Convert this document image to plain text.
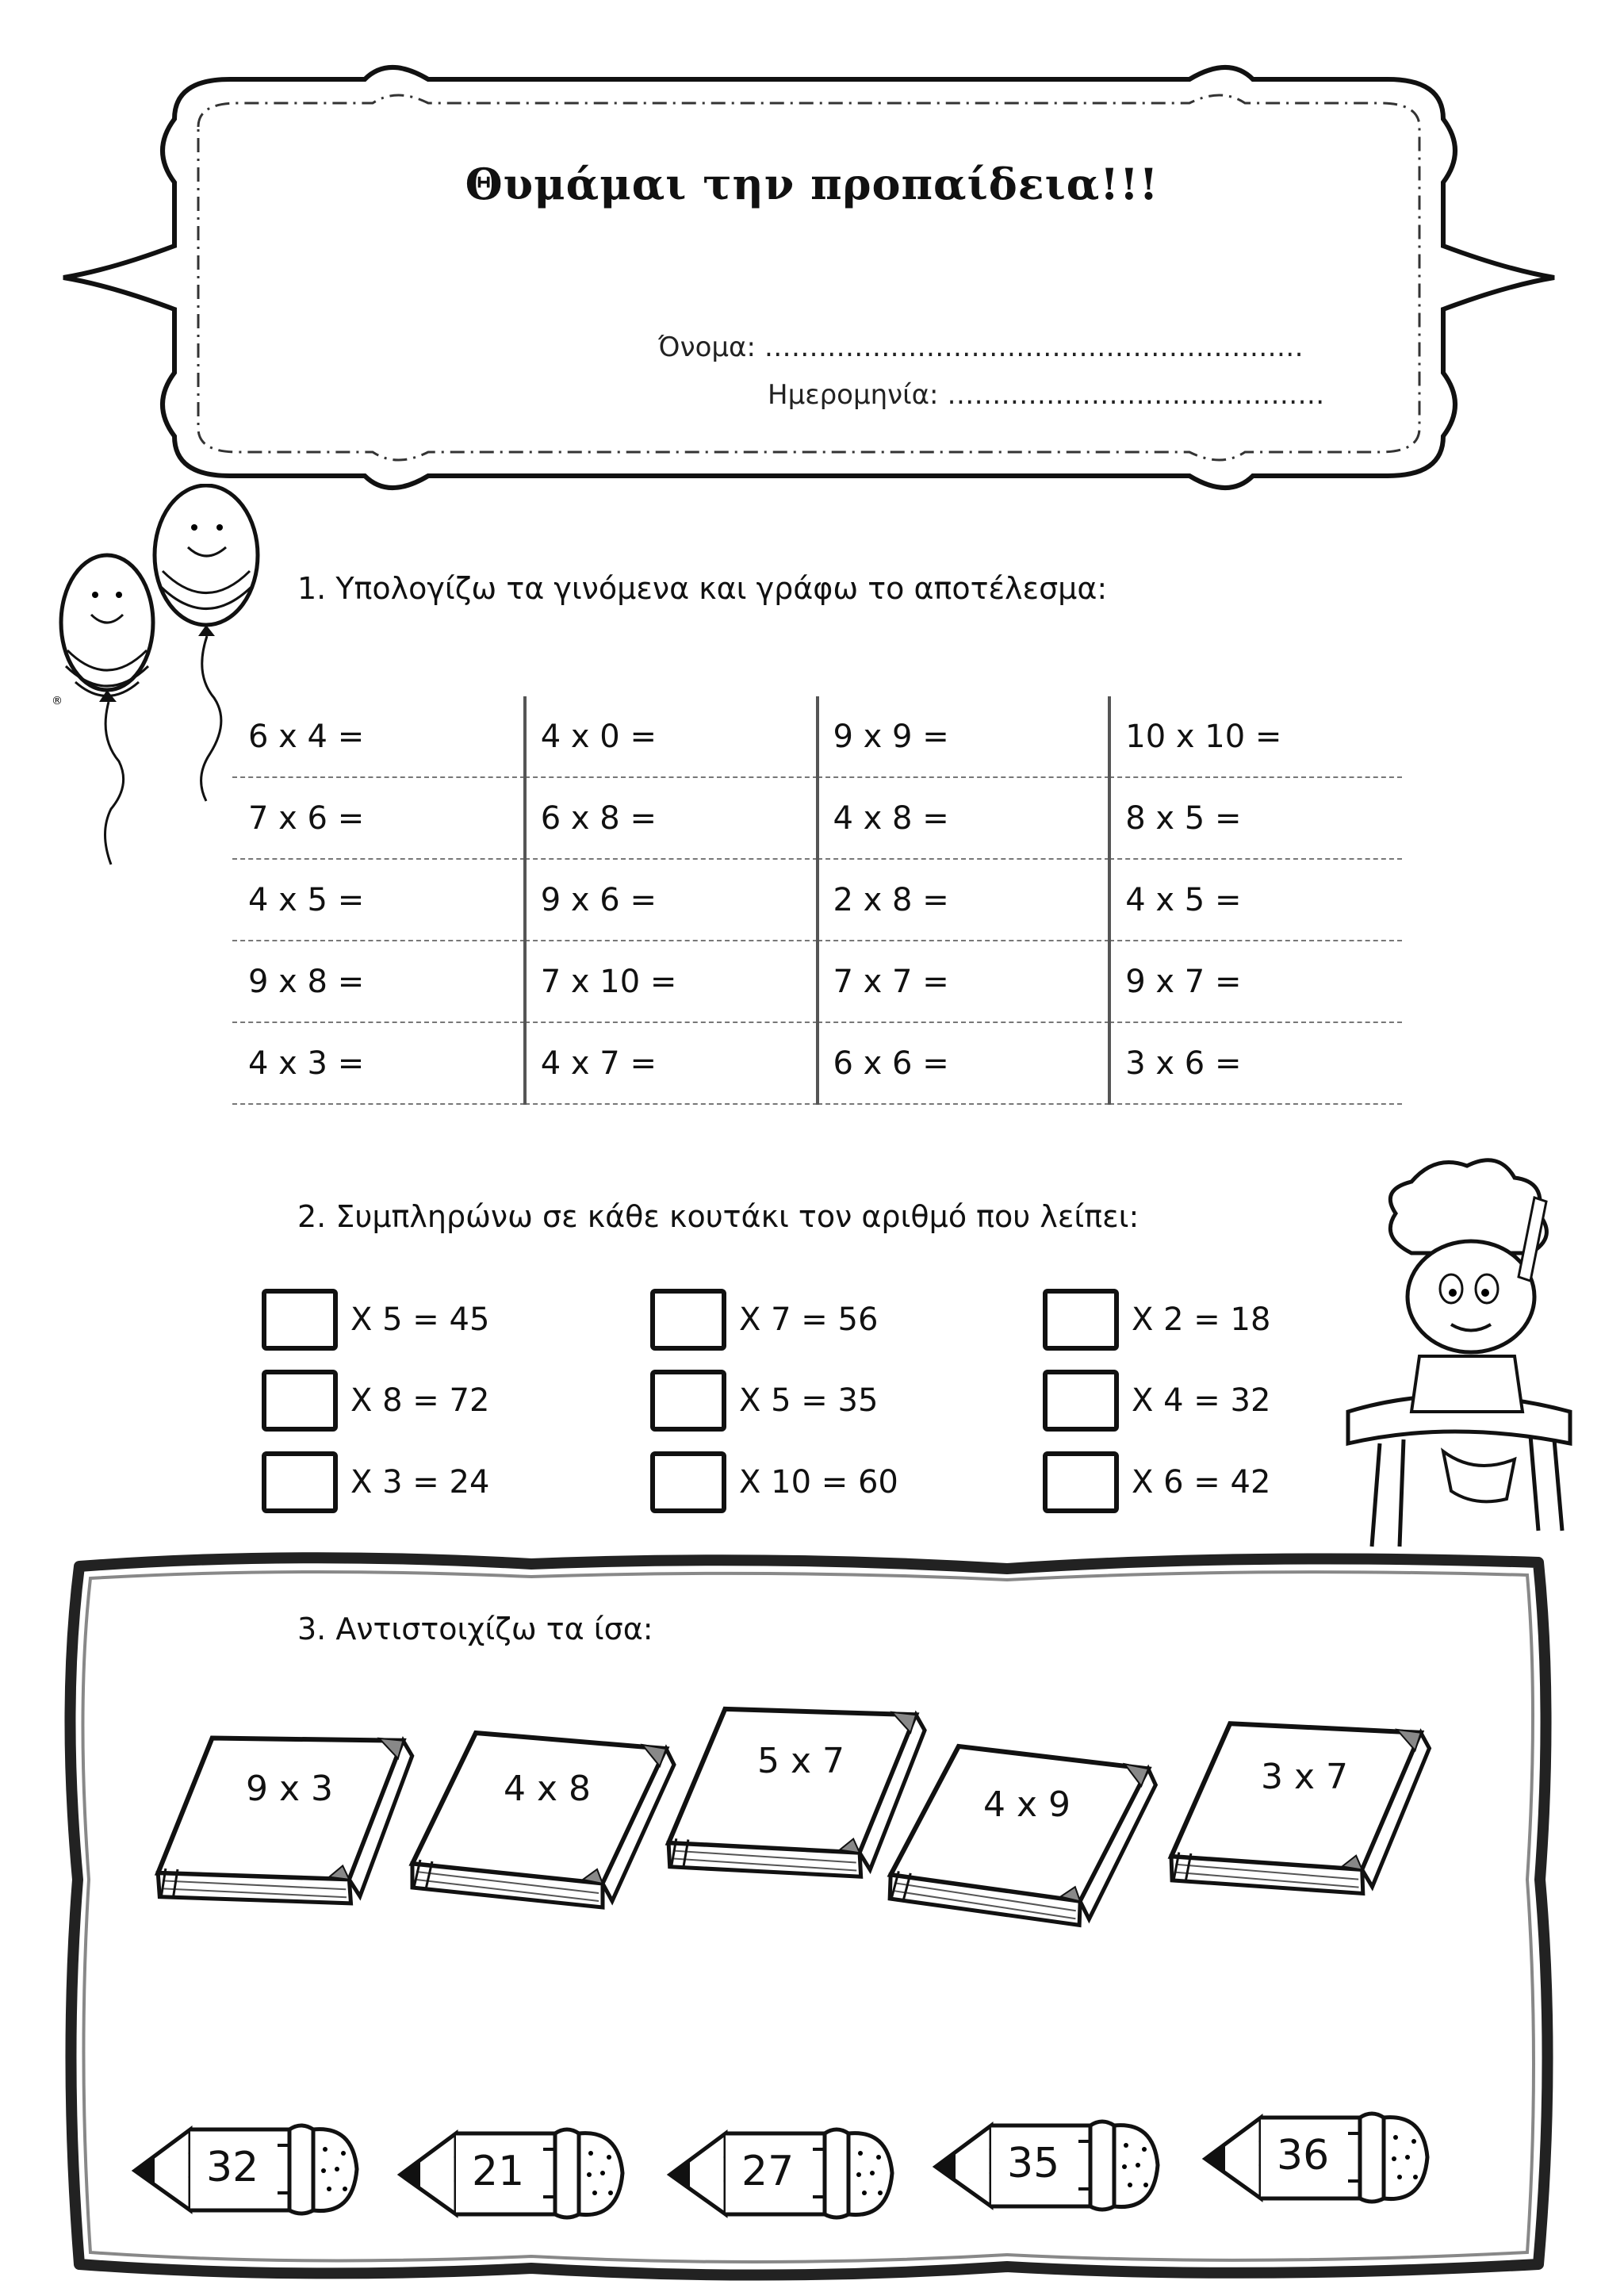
Θυμάμαι την προπαίδεια!!!
Όνομα: ……………………………………………………
Ημερομηνία: ……………………………………
®
1. Υπολογίζω τα γινόμενα και γράφω το αποτέλεσμα:
6 x 4 =	4 x 0 =	9 x 9 =	10 x 10 =
7 x 6 =	6 x 8 =	4 x 8 =	8 x 5 =
4 x 5 =	9 x 6 =	2 x 8 =	4 x 5 =
9 x 8 =	7 x 10 =	7 x 7 =	9 x 7 =
4 x 3 =	4 x 7 =	6 x 6 =	3 x 6 =
2. Συμπληρώνω σε κάθε κουτάκι τον αριθμό που λείπει:
X 5 = 45
X 8 = 72
X 3 = 24
X 7 = 56
X 5 = 35
X 10 = 60
X 2 = 18
X 4 = 32
X 6 = 42
3. Αντιστοιχίζω τα ίσα:
9 x 3	4 x 8
5 x 7
4 x 9
3 x 7
32	21	27	35	36
